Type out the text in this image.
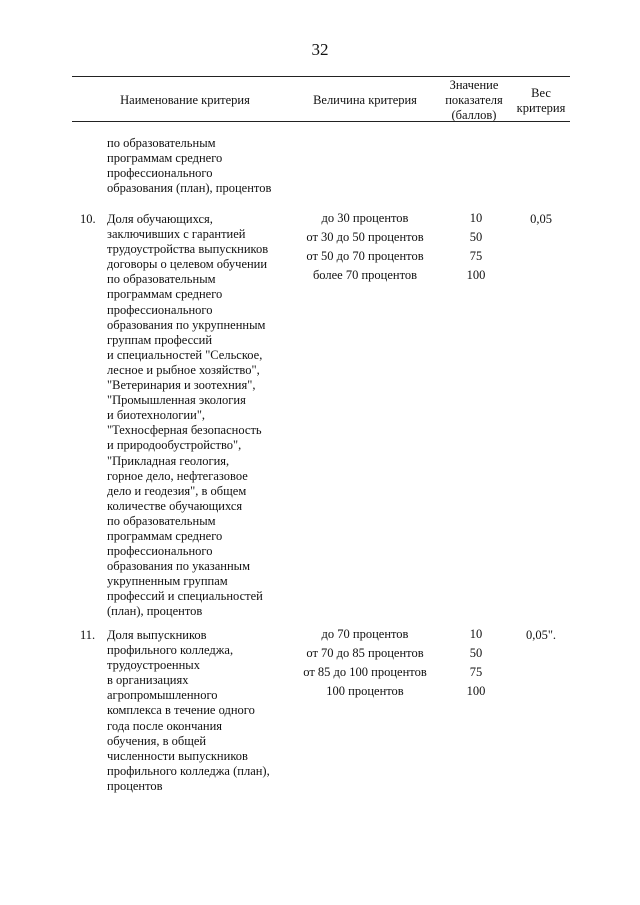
32
Наименование критерия	Величина критерия
Значение
показателя
(баллов)
Вес
критерия
по образовательным
программам среднего
профессионального
образования (план), процентов
10. Доля обучающихся,
заключивших с гарантией
трудоустройства выпускников
договоры о целевом обучении
по образовательным
программам среднего
профессионального
образования по укрупненным
группам профессий
и специальностей "Сельское,
лесное и рыбное хозяйство",
"Ветеринария и зоотехния",
"Промышленная экология
и биотехнологии",
"Техносферная безопасность
и природообустройство",
"Прикладная геология,
горное дело, нефтегазовое
дело и геодезия", в общем
количестве обучающихся
по образовательным
программам среднего
профессионального
образования по указанным
укрупненным группам
профессий и специальностей
(план), процентов
до 30 процентов
от 30 до 50 процентов
от 50 до 70 процентов
более 70 процентов
10
50
75
100
0,05
11. Доля выпускников
профильного колледжа,
трудоустроенных
в организациях
агропромышленного
комплекса в течение одного
года после окончания
обучения, в общей
численности выпускников
профильного колледжа (план),
процентов
до 70 процентов
от 70 до 85 процентов
от 85 до 100 процентов
100 процентов
10
50
75
100
0,05".
